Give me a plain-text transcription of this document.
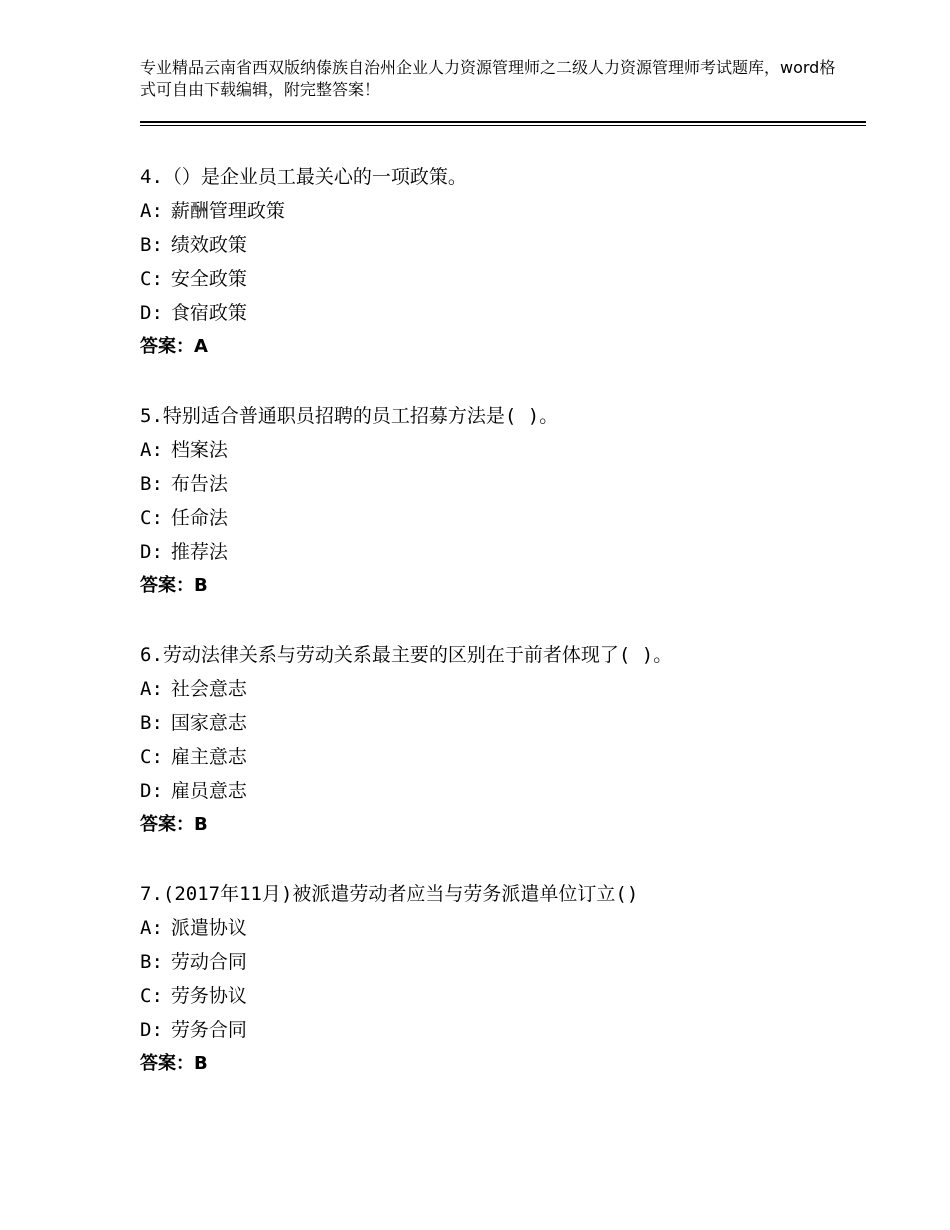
专业精品云南省西双版纳傣族自治州企业人力资源管理师之二级人力资源管理师考试题库，word格式可自由下载编辑，附完整答案！
4.（）是企业员工最关心的一项政策。
A: 薪酬管理政策
B: 绩效政策
C: 安全政策
D: 食宿政策
答案：A
5.特别适合普通职员招聘的员工招募方法是( )。
A: 档案法
B: 布告法
C: 任命法
D: 推荐法
答案：B
6.劳动法律关系与劳动关系最主要的区别在于前者体现了( )。
A: 社会意志
B: 国家意志
C: 雇主意志
D: 雇员意志
答案：B
7.(2017年11月)被派遣劳动者应当与劳务派遣单位订立()
A: 派遣协议
B: 劳动合同
C: 劳务协议
D: 劳务合同
答案：B
